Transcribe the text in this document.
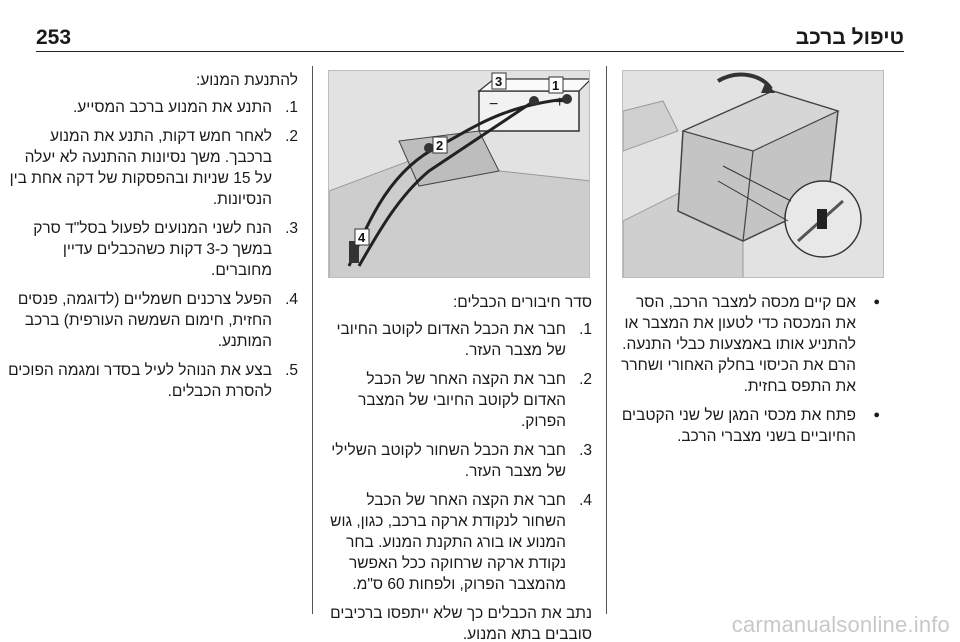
253	טיפול ברכב
+
−
3	1
2
4
● אם קיים מכסה למצבר הרכב, הסר את המכסה כדי לטעון את המצבר או להתניע אותו באמצעות כבלי התנעה. הרם את הכיסוי בחלק האחורי ושחרר את התפס בחזית.
● פתח את מכסי המגן של שני הקטבים החיוביים בשני מצברי הרכב.
סדר חיבורים הכבלים:
1.
חבר את הכבל האדום לקוטב החיובי של מצבר העזר.
2.
חבר את הקצה האחר של הכבל האדום לקוטב החיובי של המצבר הפרוק.
3.
חבר את הכבל השחור לקוטב השלילי של מצבר העזר.
4.
חבר את הקצה האחר של הכבל השחור לנקודת ארקה ברכב, כגון, גוש המנוע או בורג התקנת המנוע. בחר נקודת ארקה שרחוקה ככל האפשר מהמצבר הפרוק, ולפחות 60 ס"מ.
נתב את הכבלים כך שלא ייתפסו ברכיבים סובבים בתא המנוע.
להתנעת המנוע:
1.
התנע את המנוע ברכב המסייע.
2.
לאחר חמש דקות, התנע את המנוע ברכבך. משך נסיונות ההתנעה לא יעלה על 15 שניות ובהפסקות של דקה אחת בין הנסיונות.
3.
הנח לשני המנועים לפעול בסל"ד סרק במשך כ-3 דקות כשהכבלים עדיין מחוברים.
4.
הפעל צרכנים חשמליים (לדוגמה, פנסים החזית, חימום השמשה העורפית) ברכב המותנע.
5.
בצע את הנוהל לעיל בסדר ומגמה הפוכים להסרת הכבלים.
carmanualsonline.info
